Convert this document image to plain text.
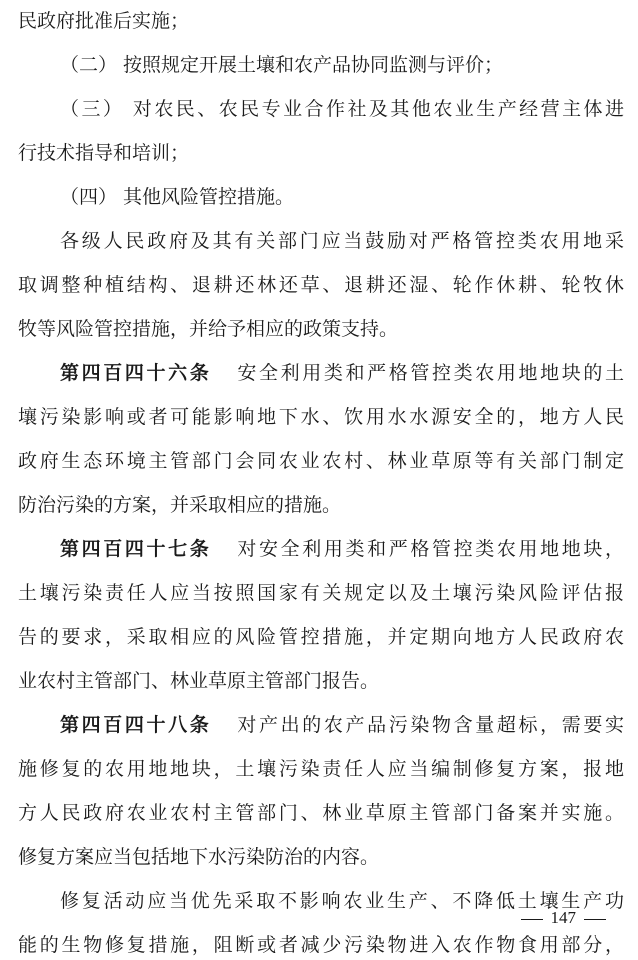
民政府批准后实施；
（二） 按照规定开展土壤和农产品协同监测与评价；
（三） 对农民、农民专业合作社及其他农业生产经营主体进
行技术指导和培训；
（四） 其他风险管控措施。
各级人民政府及其有关部门应当鼓励对严格管控类农用地采
取调整种植结构、退耕还林还草、退耕还湿、轮作休耕、轮牧休
牧等风险管控措施，并给予相应的政策支持。
第四百四十六条 安全利用类和严格管控类农用地地块的土
壤污染影响或者可能影响地下水、饮用水水源安全的，地方人民
政府生态环境主管部门会同农业农村、林业草原等有关部门制定
防治污染的方案，并采取相应的措施。
第四百四十七条 对安全利用类和严格管控类农用地地块，
土壤污染责任人应当按照国家有关规定以及土壤污染风险评估报
告的要求，采取相应的风险管控措施，并定期向地方人民政府农
业农村主管部门、林业草原主管部门报告。
第四百四十八条 对产出的农产品污染物含量超标，需要实
施修复的农用地地块，土壤污染责任人应当编制修复方案，报地
方人民政府农业农村主管部门、林业草原主管部门备案并实施。
修复方案应当包括地下水污染防治的内容。
修复活动应当优先采取不影响农业生产、不降低土壤生产功
能的生物修复措施，阻断或者减少污染物进入农作物食用部分，
147
